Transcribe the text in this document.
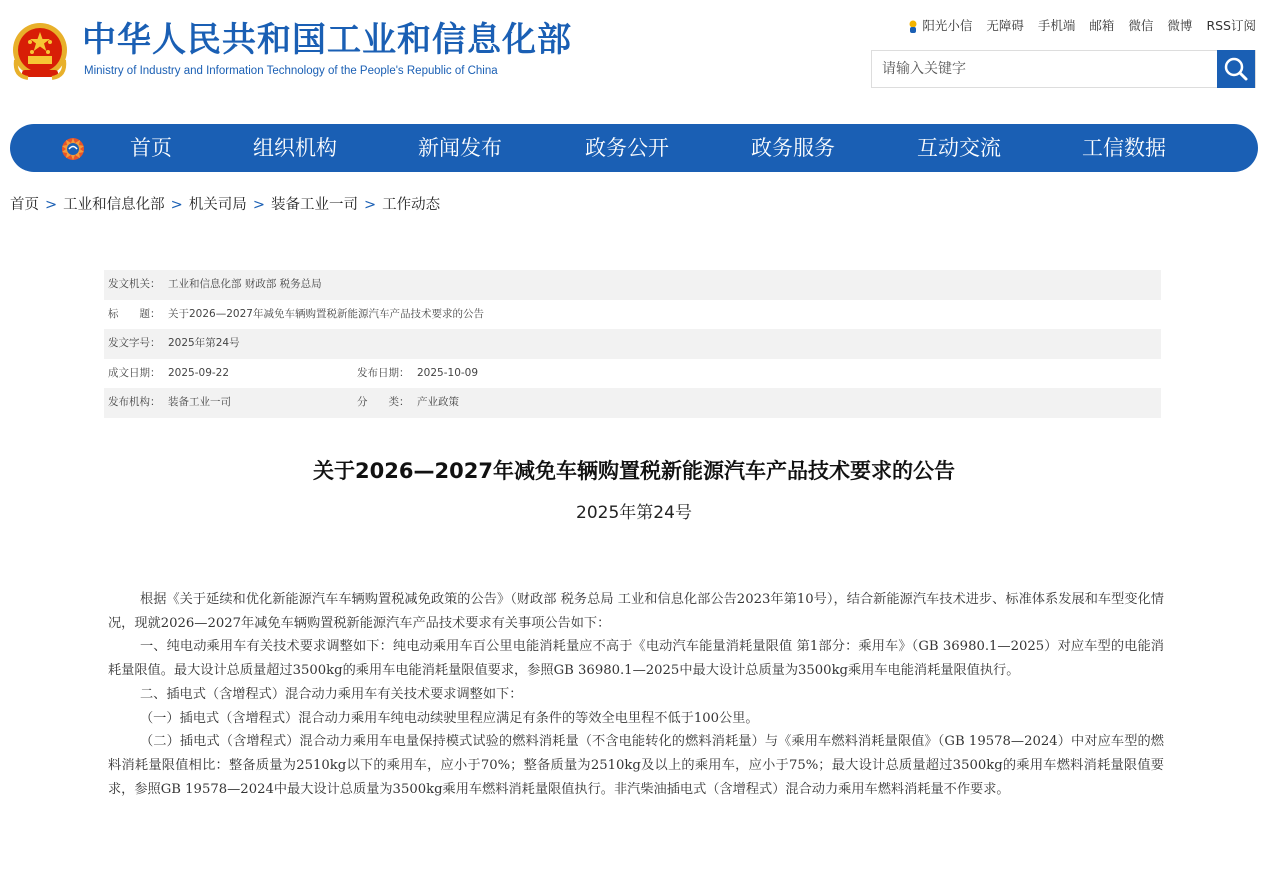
中华人民共和国工业和信息化部
Ministry of Industry and Information Technology of the People's Republic of China
阳光小信 无障碍 手机端 邮箱 微信 微博 RSS订阅
请输入关键字
首页	组织机构	新闻发布	政务公开	政务服务	互动交流	工信数据
首页 > 工业和信息化部 > 机关司局 > 装备工业一司 > 工作动态
发文机关： 工业和信息化部 财政部 税务总局
标　　题： 关于2026—2027年减免车辆购置税新能源汽车产品技术要求的公告
发文字号： 2025年第24号
成文日期： 2025-09-22	发布日期： 2025-10-09
发布机构： 装备工业一司	分　　类： 产业政策
关于2026—2027年减免车辆购置税新能源汽车产品技术要求的公告
2025年第24号

根据《关于延续和优化新能源汽车车辆购置税减免政策的公告》（财政部 税务总局 工业和信息化部公告2023年第10号），结合新能源汽车技术进步、标准体系发展和车型变化情况，现就2026—2027年减免车辆购置税新能源汽车产品技术要求有关事项公告如下：

一、纯电动乘用车有关技术要求调整如下：纯电动乘用车百公里电能消耗量应不高于《电动汽车能量消耗量限值 第1部分：乘用车》（GB 36980.1—2025）对应车型的电能消耗量限值。最大设计总质量超过3500kg的乘用车电能消耗量限值要求，参照GB 36980.1—2025中最大设计总质量为3500kg乘用车电能消耗量限值执行。

二、插电式（含增程式）混合动力乘用车有关技术要求调整如下：

（一）插电式（含增程式）混合动力乘用车纯电动续驶里程应满足有条件的等效全电里程不低于100公里。

（二）插电式（含增程式）混合动力乘用车电量保持模式试验的燃料消耗量（不含电能转化的燃料消耗量）与《乘用车燃料消耗量限值》（GB 19578—2024）中对应车型的燃料消耗量限值相比：整备质量为2510kg以下的乘用车，应小于70%；整备质量为2510kg及以上的乘用车，应小于75%；最大设计总质量超过3500kg的乘用车燃料消耗量限值要求，参照GB 19578—2024中最大设计总质量为3500kg乘用车燃料消耗量限值执行。非汽柴油插电式（含增程式）混合动力乘用车燃料消耗量不作要求。
